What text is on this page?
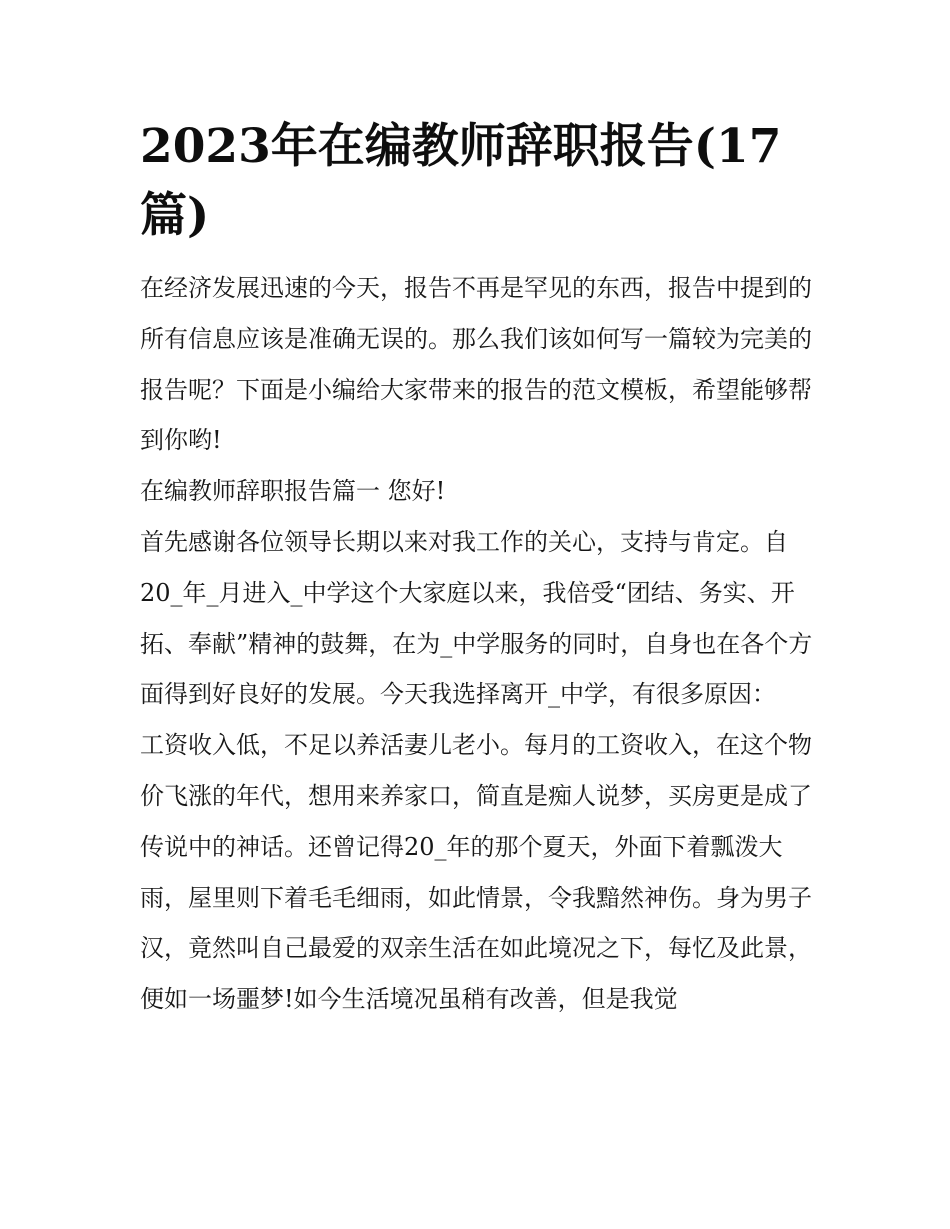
2023年在编教师辞职报告(17篇)

在经济发展迅速的今天，报告不再是罕见的东西，报告中提到的所有信息应该是准确无误的。那么我们该如何写一篇较为完美的报告呢？下面是小编给大家带来的报告的范文模板，希望能够帮到你哟!

在编教师辞职报告篇一 您好!

首先感谢各位领导长期以来对我工作的关心，支持与肯定。自20_年_月进入_中学这个大家庭以来，我倍受“团结、务实、开拓、奉献”精神的鼓舞，在为_中学服务的同时，自身也在各个方面得到好良好的发展。今天我选择离开_中学，有很多原因：

工资收入低，不足以养活妻儿老小。每月的工资收入，在这个物价飞涨的年代，想用来养家口，简直是痴人说梦，买房更是成了传说中的神话。还曾记得20_年的那个夏天，外面下着瓢泼大雨，屋里则下着毛毛细雨，如此情景，令我黯然神伤。身为男子汉，竟然叫自己最爱的双亲生活在如此境况之下，每忆及此景，便如一场噩梦!如今生活境况虽稍有改善，但是我觉
